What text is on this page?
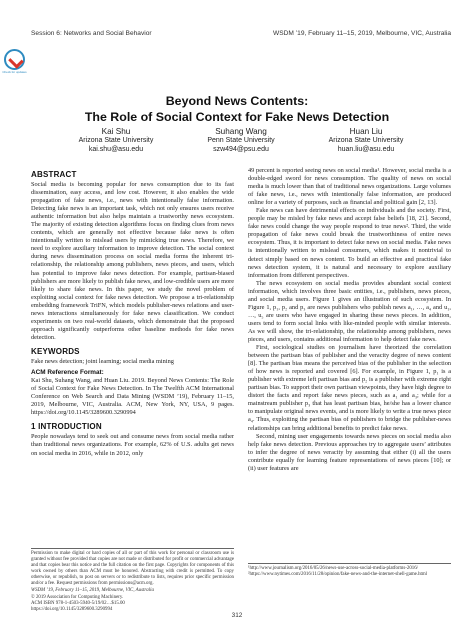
Session 6: Networks and Social Behavior	WSDM ’19, February 11–15, 2019, Melbourne, VIC, Australia
Check for updates
Beyond News Contents:
The Role of Social Context for Fake News Detection
Kai Shu
Arizona State University
kai.shu@asu.edu
Suhang Wang
Penn State University
szw494@psu.edu
Huan Liu
Arizona State University
huan.liu@asu.edu
ABSTRACT

Social media is becoming popular for news consumption due to its fast dissemination, easy access, and low cost. However, it also enables the wide propagation of fake news, i.e., news with intentionally false information. Detecting fake news is an important task, which not only ensures users receive authentic information but also helps maintain a trustworthy news ecosystem. The majority of existing detection algorithms focus on finding clues from news contents, which are generally not effective because fake news is often intentionally written to mislead users by mimicking true news. Therefore, we need to explore auxiliary information to improve detection. The social context during news dissemination process on social media forms the inherent tri-relationship, the relationship among publishers, news pieces, and users, which has potential to improve fake news detection. For example, partisan-biased publishers are more likely to publish fake news, and low-credible users are more likely to share fake news. In this paper, we study the novel problem of exploiting social context for fake news detection. We propose a tri-relationship embedding framework TriFN, which models publisher-news relations and user-news interactions simultaneously for fake news classification. We conduct experiments on two real-world datasets, which demonstrate that the proposed approach significantly outperforms other baseline methods for fake news detection.

KEYWORDS

Fake news detection; joint learning; social media mining

ACM Reference Format:

Kai Shu, Suhang Wang, and Huan Liu. 2019. Beyond News Contents: The Role of Social Context for Fake News Detection. In The Twelfth ACM International Conference on Web Search and Data Mining (WSDM ’19), February 11–15, 2019, Melbourne, VIC, Australia. ACM, New York, NY, USA, 9 pages. https://doi.org/10.1145/3289600.3290994

1 INTRODUCTION

People nowadays tend to seek out and consume news from social media rather than traditional news organizations. For example, 62% of U.S. adults get news on social media in 2016, while in 2012, only

Permission to make digital or hard copies of all or part of this work for personal or classroom use is granted without fee provided that copies are not made or distributed for profit or commercial advantage and that copies bear this notice and the full citation on the first page. Copyrights for components of this work owned by others than ACM must be honored. Abstracting with credit is permitted. To copy otherwise, or republish, to post on servers or to redistribute to lists, requires prior specific permission and/or a fee. Request permissions from permissions@acm.org.

WSDM ’19, February 11–15, 2019, Melbourne, VIC, Australia

© 2019 Association for Computing Machinery.

ACM ISBN 978-1-4503-5940-5/19/02…$15.00

https://doi.org/10.1145/3289600.3290994

49 percent is reported seeing news on social media¹. However, social media is a double-edged sword for news consumption. The quality of news on social media is much lower than that of traditional news organizations. Large volumes of fake news, i.e., news with intentionally false information, are produced online for a variety of purposes, such as financial and political gain [2, 13].

Fake news can have detrimental effects on individuals and the society. First, people may be misled by fake news and accept false beliefs [18, 21]. Second, fake news could change the way people respond to true news². Third, the wide propagation of fake news could break the trustworthiness of entire news ecosystem. Thus, it is important to detect fake news on social media. Fake news is intentionally written to mislead consumers, which makes it nontrivial to detect simply based on news content. To build an effective and practical fake news detection system, it is natural and necessary to explore auxiliary information from different perspectives.

The news ecosystem on social media provides abundant social context information, which involves three basic entities, i.e., publishers, news pieces, and social media users. Figure 1 gives an illustration of such ecosystem. In Figure 1, p₁, p₂ and p₃ are news publishers who publish news a₁, …, a₄ and u₁, …, u₅ are users who have engaged in sharing these news pieces. In addition, users tend to form social links with like-minded people with similar interests. As we will show, the tri-relationship, the relationship among publishers, news pieces, and users, contains additional information to help detect fake news.

First, sociological studies on journalism have theorized the correlation between the partisan bias of publisher and the veracity degree of news content [8]. The partisan bias means the perceived bias of the publisher in the selection of how news is reported and covered [6]. For example, in Figure 1, p₁ is a publisher with extreme left partisan bias and p₂ is a publisher with extreme right partisan bias. To support their own partisan viewpoints, they have high degree to distort the facts and report fake news pieces, such as a₁ and a₃; while for a mainstream publisher p₃ that has least partisan bias, he/she has a lower chance to manipulate original news events, and is more likely to write a true news piece a₄. Thus, exploiting the partisan bias of publishers to bridge the publisher-news relationships can bring additional benefits to predict fake news.

Second, mining user engagements towards news pieces on social media also help fake news detection. Previous approaches try to aggregate users’ attributes to infer the degree of news veracity by assuming that either (i) all the users contribute equally for learning feature representations of news pieces [10]; or (ii) user features are

¹http://www.journalism.org/2016/05/26/news-use-across-social-media-platforms-2016/
²https://www.nytimes.com/2016/11/28/opinion/fake-news-and-the-internet-shell-game.html
312
